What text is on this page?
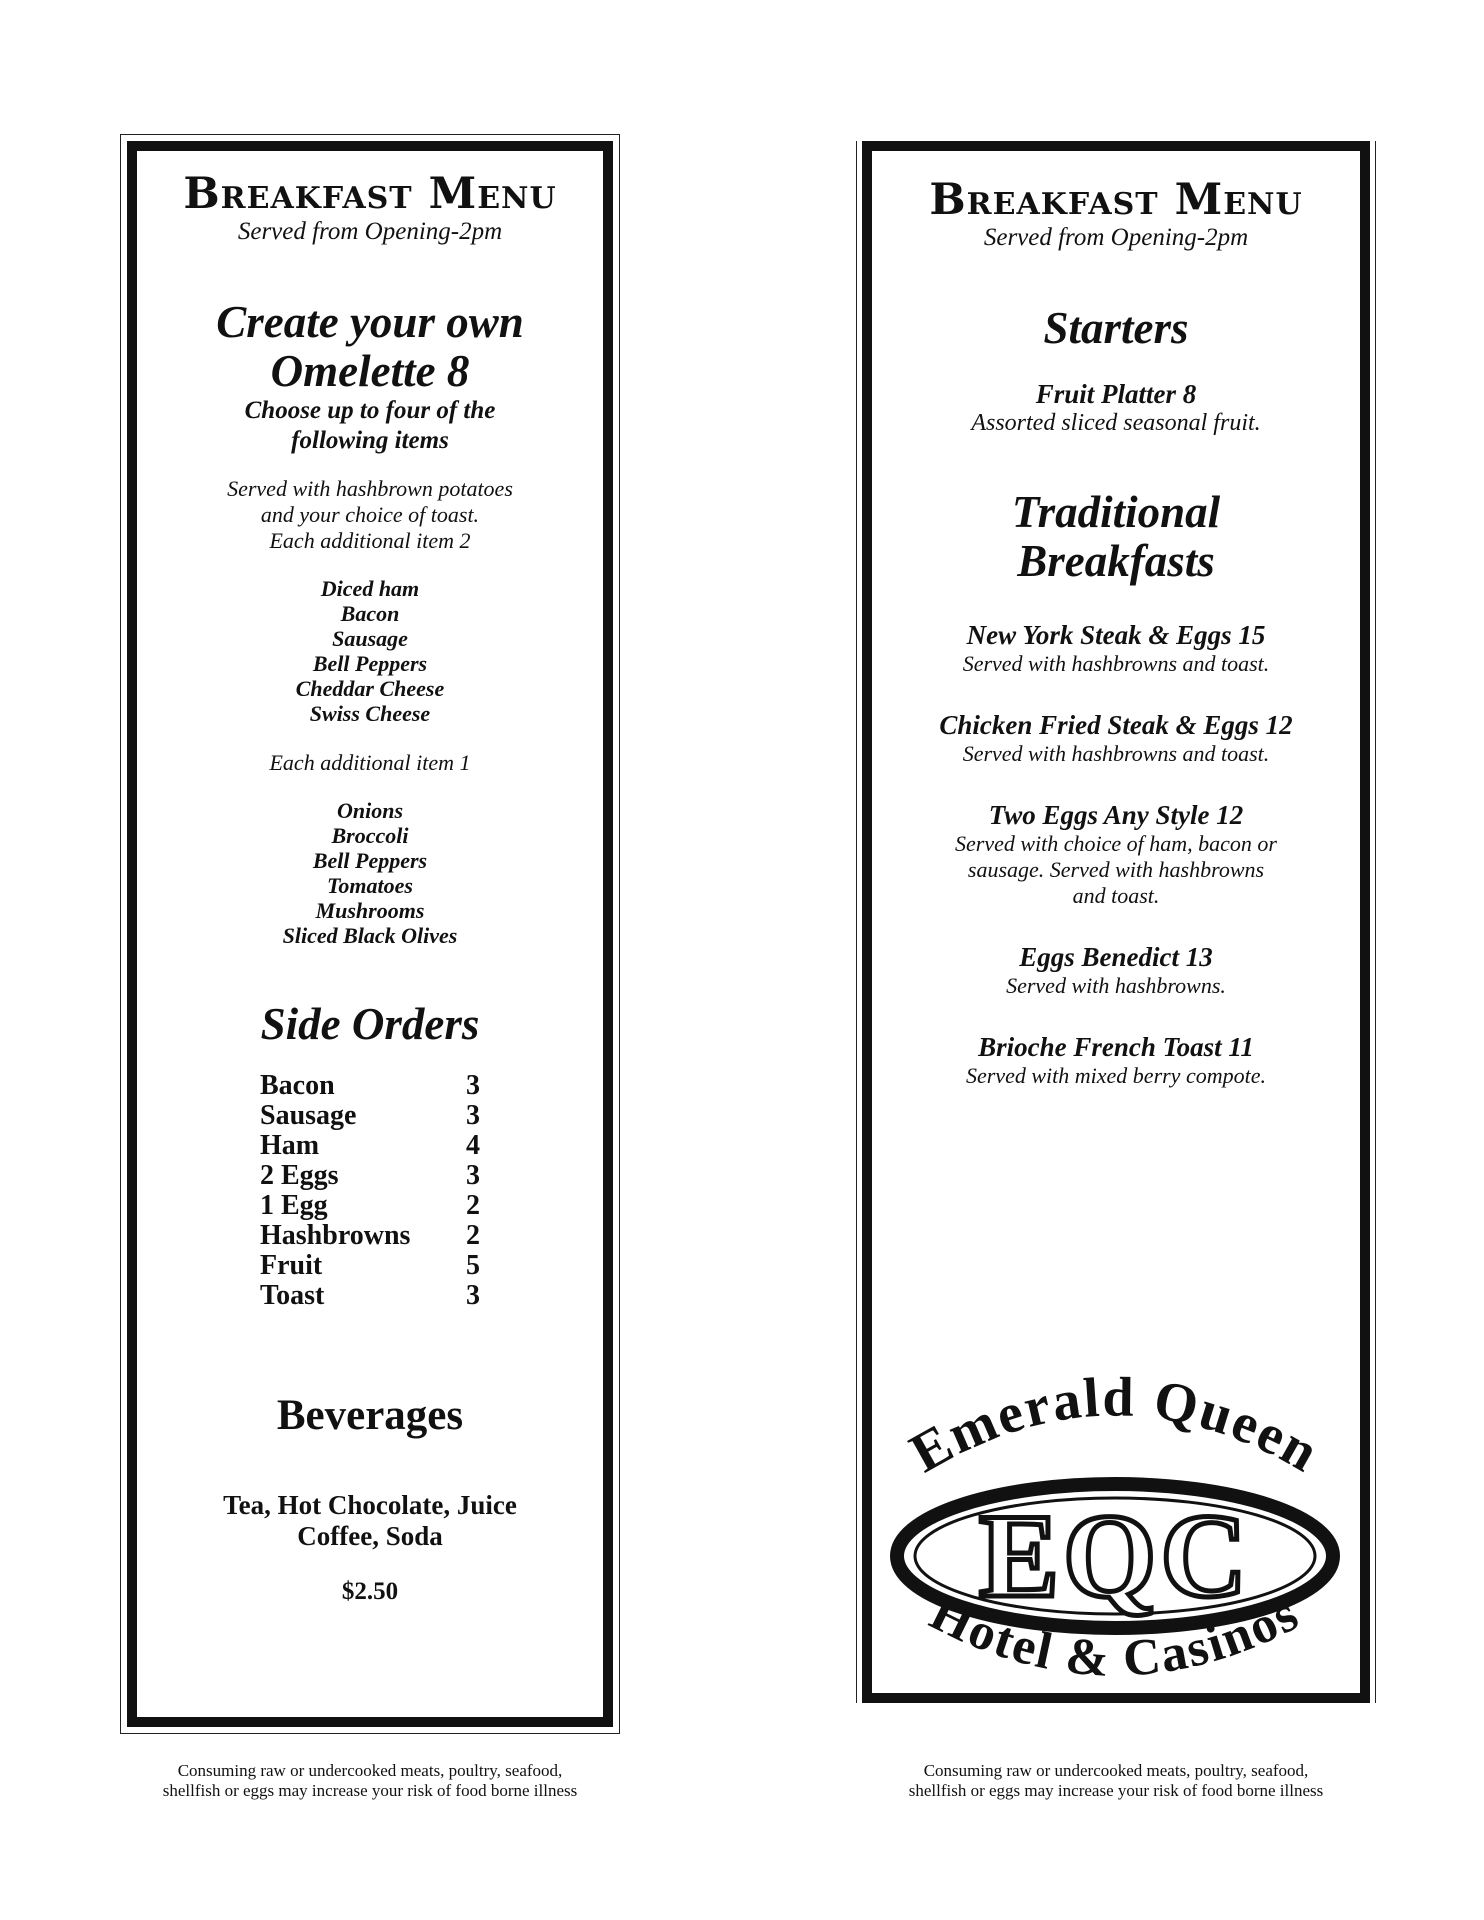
Breakfast Menu
Served from Opening-2pm
Create your own
Omelette 8
Choose up to four of the
following items
Served with hashbrown potatoes
and your choice of toast.
Each additional item 2
Diced ham
Bacon
Sausage
Bell Peppers
Cheddar Cheese
Swiss Cheese
Each additional item 1
Onions
Broccoli
Bell Peppers
Tomatoes
Mushrooms
Sliced Black Olives
Side Orders
Bacon	3
Sausage	3
Ham	4
2 Eggs	3
1 Egg	2
Hashbrowns 2
Fruit	5
Toast	3
Beverages
Tea, Hot Chocolate, Juice
Coffee, Soda
$2.50
Consuming raw or undercooked meats, poultry, seafood,
shellfish or eggs may increase your risk of food borne illness
Breakfast Menu
Served from Opening-2pm
Starters
Fruit Platter 8
Assorted sliced seasonal fruit.
Traditional
Breakfasts
New York Steak & Eggs 15
Served with hashbrowns and toast.
Chicken Fried Steak & Eggs 12
Served with hashbrowns and toast.
Two Eggs Any Style 12
Served with choice of ham, bacon or
sausage. Served with hashbrowns
and toast.
Eggs Benedict 13
Served with hashbrowns.
Brioche French Toast 11
Served with mixed berry compote.
Emerald Queen
EQC
Hotel & Casinos
Consuming raw or undercooked meats, poultry, seafood,
shellfish or eggs may increase your risk of food borne illness
